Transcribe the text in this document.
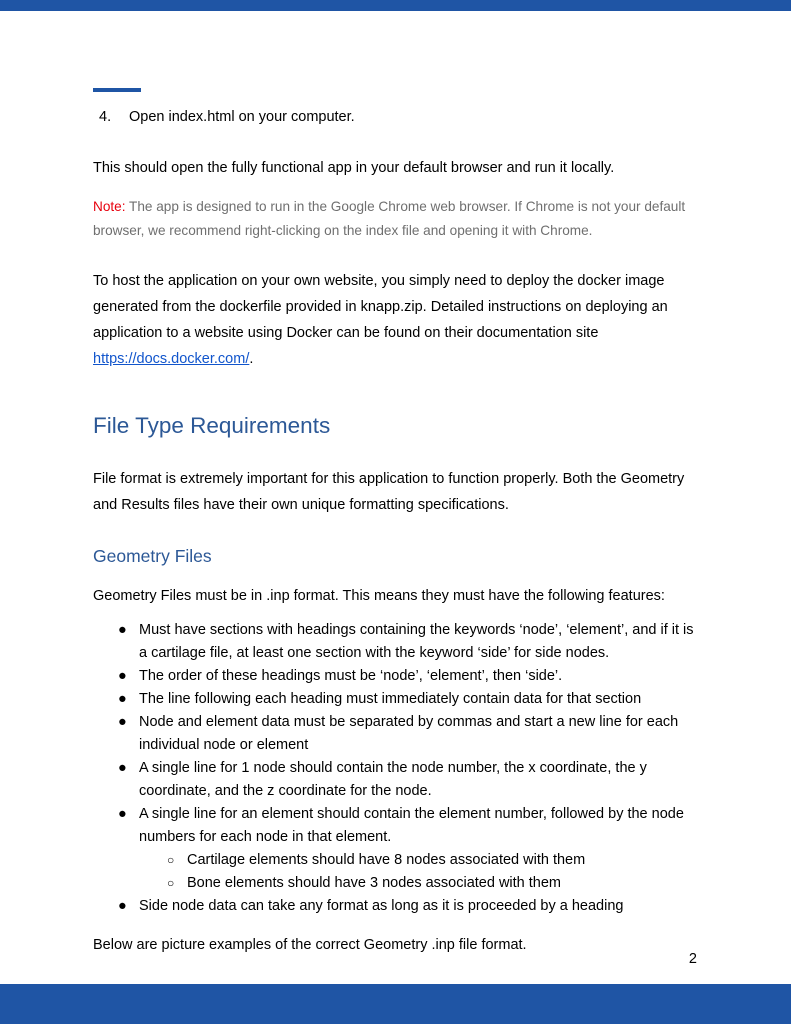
4.	Open index.html on your computer.

This should open the fully functional app in your default browser and run it locally.

Note: The app is designed to run in the Google Chrome web browser. If Chrome is not your default browser, we recommend right-clicking on the index file and opening it with Chrome.

To host the application on your own website, you simply need to deploy the docker image generated from the dockerfile provided in knapp.zip. Detailed instructions on deploying an application to a website using Docker can be found on their documentation site https://docs.docker.com/.

File Type Requirements

File format is extremely important for this application to function properly. Both the Geometry and Results files have their own unique formatting specifications.

Geometry Files

Geometry Files must be in .inp format. This means they must have the following features:

● Must have sections with headings containing the keywords ‘node’, ‘element’, and if it is a cartilage file, at least one section with the keyword ‘side’ for side nodes.
● The order of these headings must be ‘node’, ‘element’, then ‘side’.
● The line following each heading must immediately contain data for that section
● Node and element data must be separated by commas and start a new line for each individual node or element
● A single line for 1 node should contain the node number, the x coordinate, the y coordinate, and the z coordinate for the node.
● A single line for an element should contain the element number, followed by the node numbers for each node in that element.
○ Cartilage elements should have 8 nodes associated with them
○ Bone elements should have 3 nodes associated with them
● Side node data can take any format as long as it is proceeded by a heading

Below are picture examples of the correct Geometry .inp file format.

2
